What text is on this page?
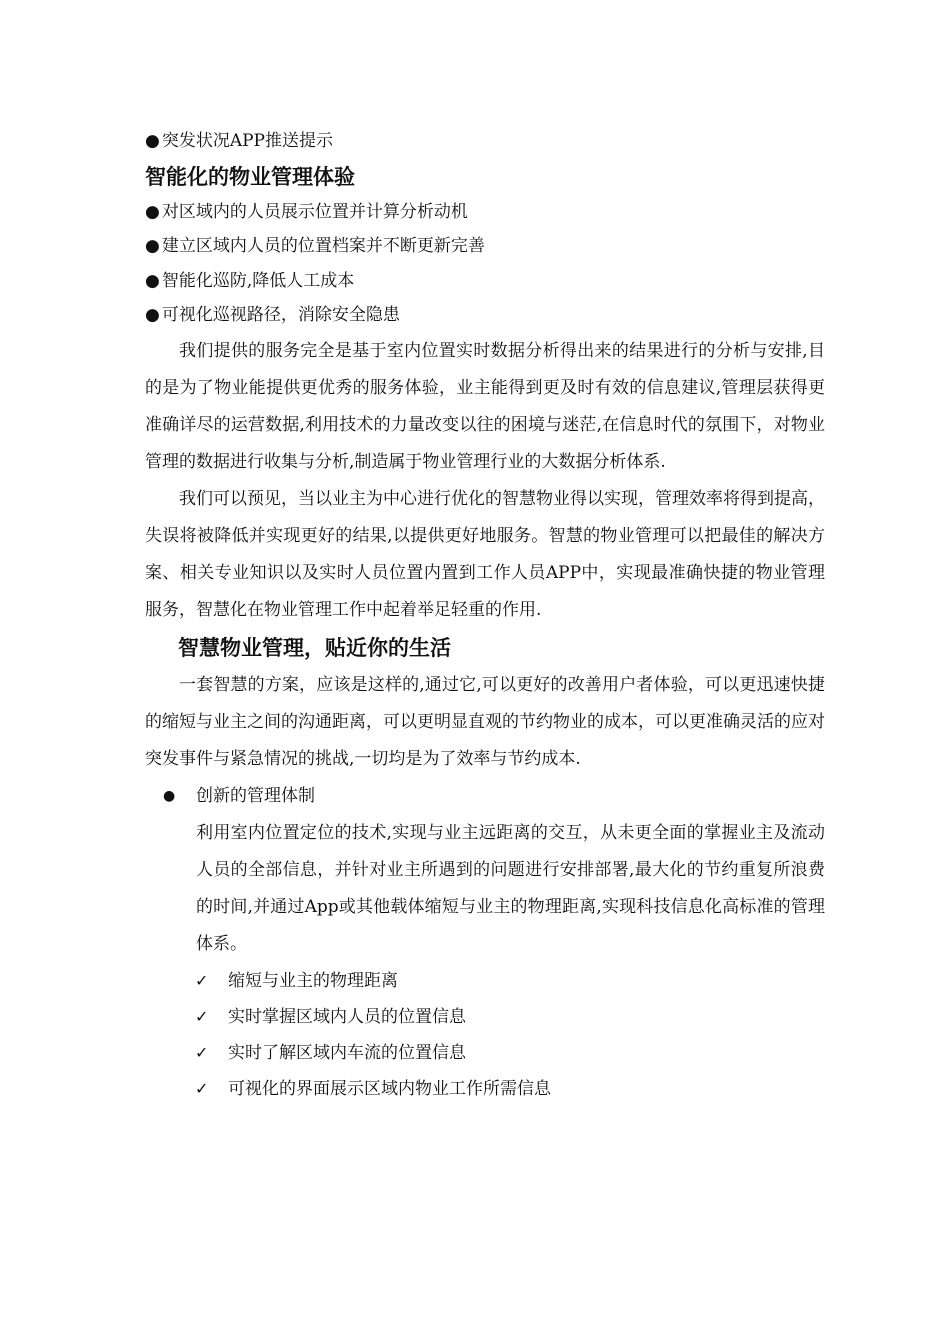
● 突发状况APP推送提示
智能化的物业管理体验
● 对区域内的人员展示位置并计算分析动机
● 建立区域内人员的位置档案并不断更新完善
● 智能化巡防,降低人工成本
● 可视化巡视路径，消除安全隐患

我们提供的服务完全是基于室内位置实时数据分析得出来的结果进行的分析与安排,目的是为了物业能提供更优秀的服务体验，业主能得到更及时有效的信息建议,管理层获得更准确详尽的运营数据,利用技术的力量改变以往的困境与迷茫,在信息时代的氛围下，对物业管理的数据进行收集与分析,制造属于物业管理行业的大数据分析体系.

我们可以预见，当以业主为中心进行优化的智慧物业得以实现，管理效率将得到提高，失误将被降低并实现更好的结果,以提供更好地服务。智慧的物业管理可以把最佳的解决方案、相关专业知识以及实时人员位置内置到工作人员APP中，实现最准确快捷的物业管理服务，智慧化在物业管理工作中起着举足轻重的作用.

智慧物业管理，贴近你的生活

一套智慧的方案，应该是这样的,通过它,可以更好的改善用户者体验，可以更迅速快捷的缩短与业主之间的沟通距离，可以更明显直观的节约物业的成本，可以更准确灵活的应对突发事件与紧急情况的挑战,一切均是为了效率与节约成本.

● 创新的管理体制

利用室内位置定位的技术,实现与业主远距离的交互，从未更全面的掌握业主及流动人员的全部信息，并针对业主所遇到的问题进行安排部署,最大化的节约重复所浪费的时间,并通过App或其他载体缩短与业主的物理距离,实现科技信息化高标准的管理体系。

✓ 缩短与业主的物理距离
✓ 实时掌握区域内人员的位置信息
✓ 实时了解区域内车流的位置信息
✓ 可视化的界面展示区域内物业工作所需信息
